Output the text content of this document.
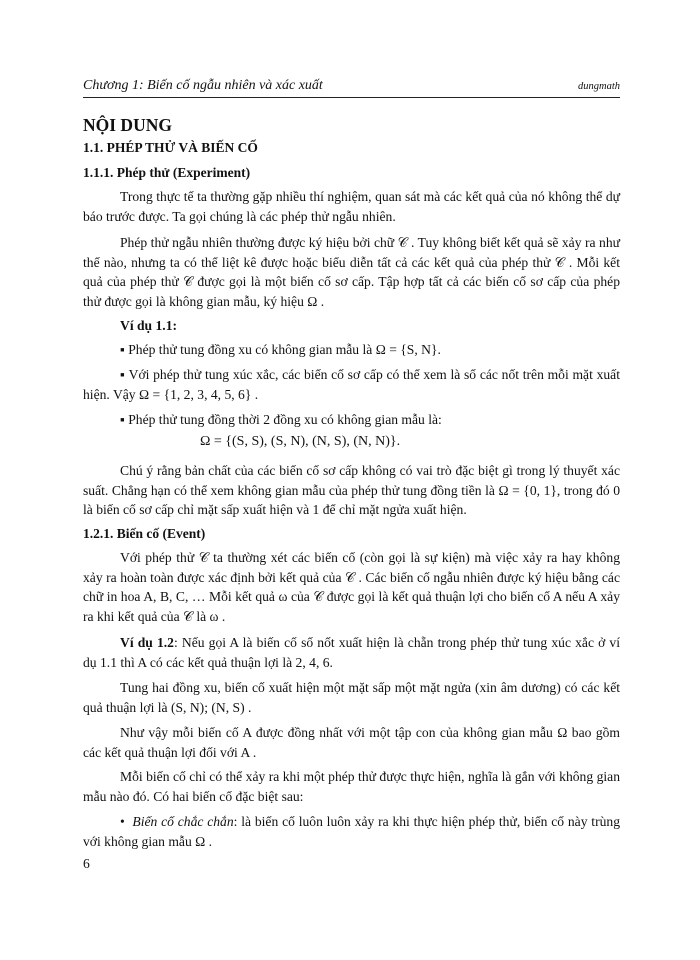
Chương 1: Biến cố ngẫu nhiên và xác xuất	dungmath
NỘI DUNG
1.1. PHÉP THỬ VÀ BIẾN CỐ
1.1.1. Phép thử (Experiment)
Trong thực tế ta thường gặp nhiều thí nghiệm, quan sát mà các kết quả của nó không thể dự báo trước được. Ta gọi chúng là các phép thử ngẫu nhiên.
Phép thử ngẫu nhiên thường được ký hiệu bởi chữ 𝒞 . Tuy không biết kết quả sẽ xảy ra như thế nào, nhưng ta có thể liệt kê được hoặc biểu diễn tất cả các kết quả của phép thử 𝒞 . Mỗi kết quả của phép thử 𝒞 được gọi là một biến cố sơ cấp. Tập hợp tất cả các biến cố sơ cấp của phép thử được gọi là không gian mẫu, ký hiệu Ω .
Ví dụ 1.1:
▪ Phép thử tung đồng xu có không gian mẫu là Ω = {S, N}.
▪ Với phép thử tung xúc xắc, các biến cố sơ cấp có thể xem là số các nốt trên mỗi mặt xuất hiện. Vậy Ω = {1, 2, 3, 4, 5, 6} .
▪ Phép thử tung đồng thời 2 đồng xu có không gian mẫu là:
Ω = {(S, S), (S, N), (N, S), (N, N)}.
Chú ý rằng bản chất của các biến cố sơ cấp không có vai trò đặc biệt gì trong lý thuyết xác suất. Chẳng hạn có thể xem không gian mẫu của phép thử tung đồng tiền là Ω = {0, 1}, trong đó 0 là biến cố sơ cấp chỉ mặt sấp xuất hiện và 1 để chỉ mặt ngửa xuất hiện.
1.2.1. Biến cố (Event)
Với phép thử 𝒞 ta thường xét các biến cố (còn gọi là sự kiện) mà việc xảy ra hay không xảy ra hoàn toàn được xác định bởi kết quả của 𝒞 . Các biến cố ngẫu nhiên được ký hiệu bằng các chữ in hoa A, B, C, … Mỗi kết quả ω của 𝒞 được gọi là kết quả thuận lợi cho biến cố A nếu A xảy ra khi kết quả của 𝒞 là ω .
Ví dụ 1.2: Nếu gọi A là biến cố số nốt xuất hiện là chẵn trong phép thử tung xúc xắc ở ví dụ 1.1 thì A có các kết quả thuận lợi là 2, 4, 6.
Tung hai đồng xu, biến cố xuất hiện một mặt sấp một mặt ngửa (xin âm dương) có các kết quả thuận lợi là (S, N); (N, S) .
Như vậy mỗi biến cố A được đồng nhất với một tập con của không gian mẫu Ω bao gồm các kết quả thuận lợi đối với A .
Mỗi biến cố chỉ có thể xảy ra khi một phép thử được thực hiện, nghĩa là gắn với không gian mẫu nào đó. Có hai biến cố đặc biệt sau:
• Biến cố chắc chắn: là biến cố luôn luôn xảy ra khi thực hiện phép thử, biến cố này trùng với không gian mẫu Ω .
6
